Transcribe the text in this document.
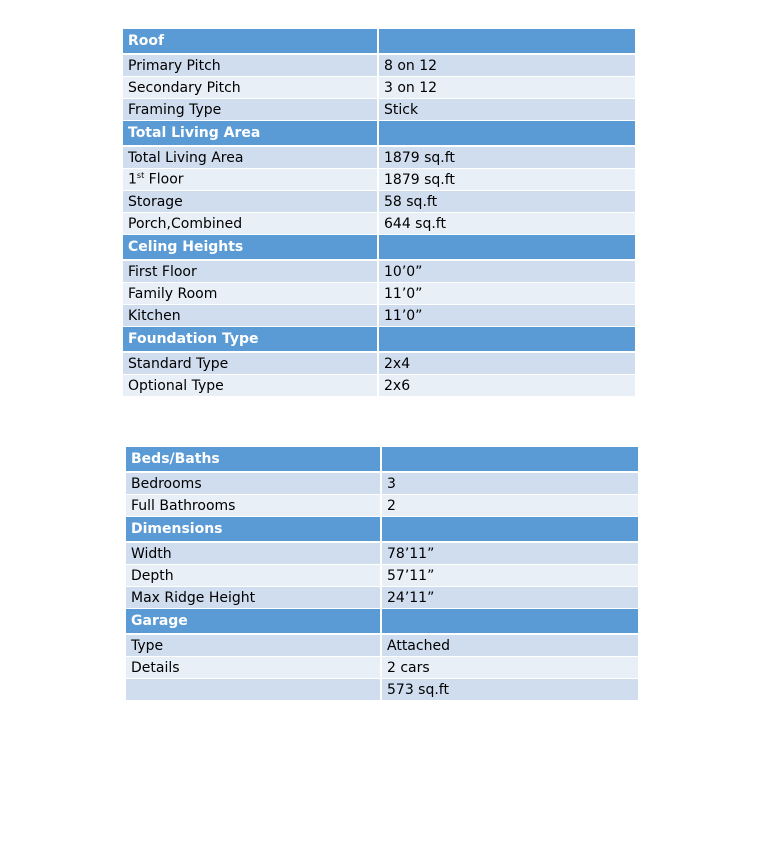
Roof	
Primary Pitch	8 on 12
Secondary Pitch	3 on 12
Framing Type	Stick
Total Living Area	
Total Living Area	1879 sq.ft
1st Floor	1879 sq.ft
Storage	58 sq.ft
Porch,Combined	644 sq.ft
Celing Heights	
First Floor	10’0”
Family Room	11’0”
Kitchen	11’0”
Foundation Type	
Standard Type	2x4
Optional Type	2x6
Beds/Baths	
Bedrooms	3
Full Bathrooms	2
Dimensions	
Width	78’11”
Depth	57’11”
Max Ridge Height	24’11”
Garage	
Type	Attached
Details	2 cars
	573 sq.ft
